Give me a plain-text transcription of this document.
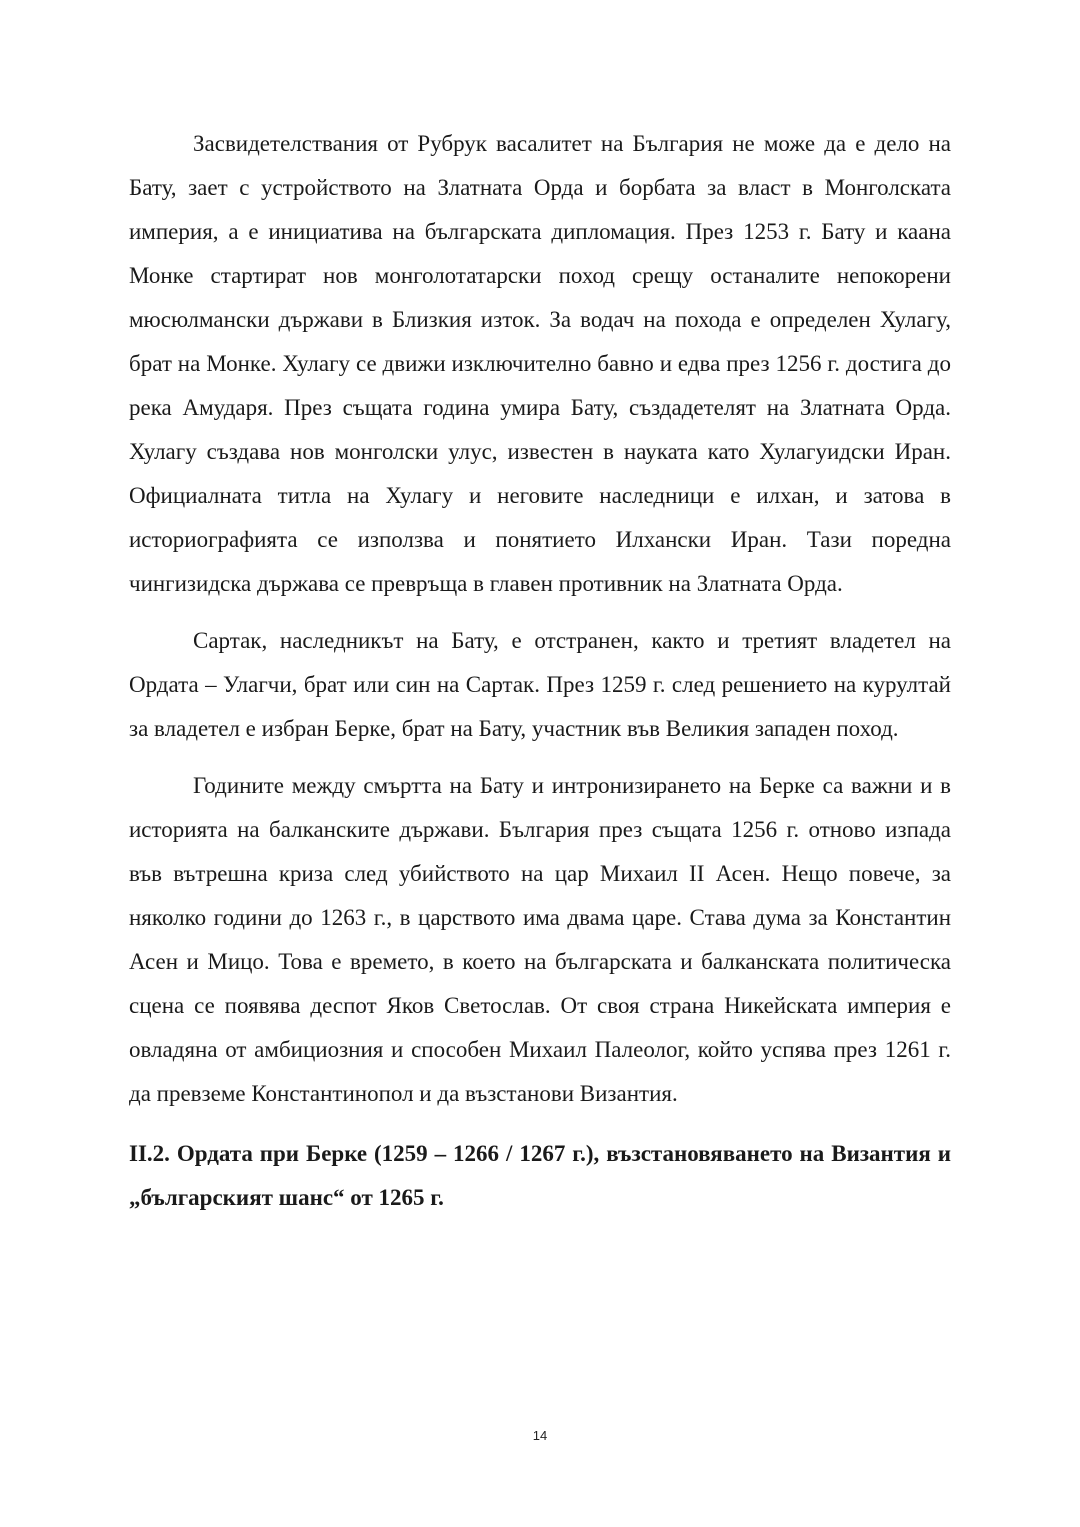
Засвидетелствания от Рубрук васалитет на България не може да е дело на Бату, зает с устройството на Златната Орда и борбата за власт в Монголската империя, а е инициатива на българската дипломация. През 1253 г. Бату и каана Монке стартират нов монголотатарски поход срещу останалите непокорени мюсюлмански държави в Близкия изток. За водач на похода е определен Хулагу, брат на Монке. Хулагу се движи изключително бавно и едва през 1256 г. достига до река Амударя. През същата година умира Бату, създадетелят на Златната Орда. Хулагу създава нов монголски улус, известен в науката като Хулагуидски Иран. Официалната титла на Хулагу и неговите наследници е илхан, и затова в историографията се използва и понятието Илхански Иран. Тази поредна чингизидска държава се превръща в главен противник на Златната Орда.

Сартак, наследникът на Бату, е отстранен, както и третият владетел на Ордата – Улагчи, брат или син на Сартак. През 1259 г. след решението на курултай за владетел е избран Берке, брат на Бату, участник във Великия западен поход.

Годините между смъртта на Бату и интронизирането на Берке са важни и в историята на балканските държави. България през същата 1256 г. отново изпада във вътрешна криза след убийството на цар Михаил II Асен. Нещо повече, за няколко години до 1263 г., в царството има двама царе. Става дума за Константин Асен и Мицо. Това е времето, в което на българската и балканската политическа сцена се появява деспот Яков Светослав. От своя страна Никейската империя е овладяна от амбициозния и способен Михаил Палеолог, който успява през 1261 г. да превземе Константинопол и да възстанови Византия.

II.2. Ордата при Берке (1259 – 1266 / 1267 г.), възстановяването на Византия и „българският шанс“ от 1265 г.

14
